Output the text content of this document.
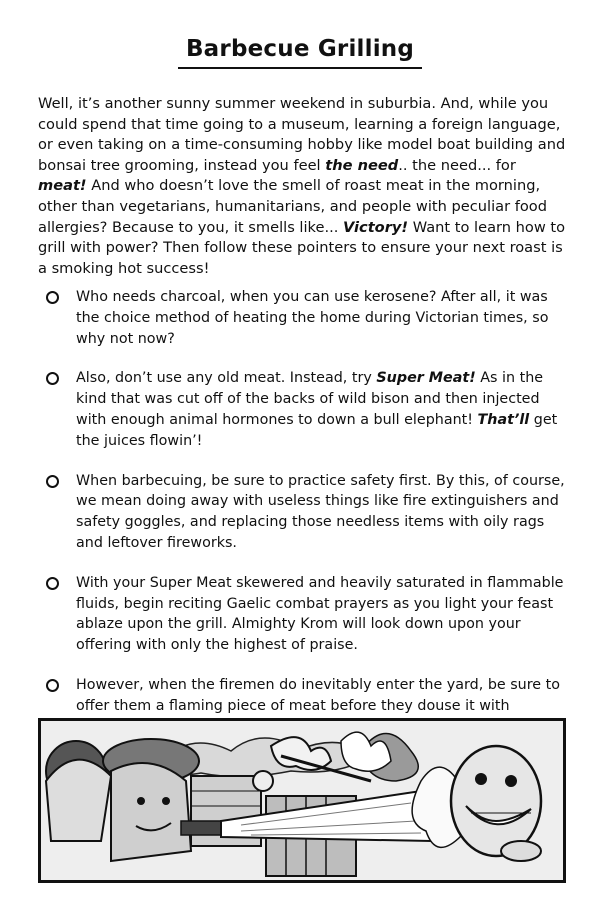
Barbecue Grilling

Well, it’s another sunny summer weekend in suburbia. And, while you could spend that time going to a museum, learning a foreign language, or even taking on a time-consuming hobby like model boat building and bonsai tree grooming, instead you feel the need.. the need... for meat! And who doesn’t love the smell of roast meat in the morning, other than vegetarians, humanitarians, and people with peculiar food allergies? Because to you, it smells like... Victory! Want to learn how to grill with power? Then follow these pointers to ensure your next roast is a smoking hot success!

Who needs charcoal, when you can use kerosene? After all, it was the choice method of heating the home during Victorian times, so why not now?
Also, don’t use any old meat. Instead, try Super Meat! As in the kind that was cut off of the backs of wild bison and then injected with enough animal hormones to down a bull elephant! That’ll get the juices flowin’!
When barbecuing, be sure to practice safety first. By this, of course, we mean doing away with useless things like fire extinguishers and safety goggles, and replacing those needless items with oily rags and leftover fireworks.
With your Super Meat skewered and heavily saturated in flammable fluids, begin reciting Gaelic combat prayers as you light your feast ablaze upon the grill. Almighty Krom will look down upon your offering with only the highest of praise.
However, when the firemen do inevitably enter the yard, be sure to offer them a flaming piece of meat before they douse it with
